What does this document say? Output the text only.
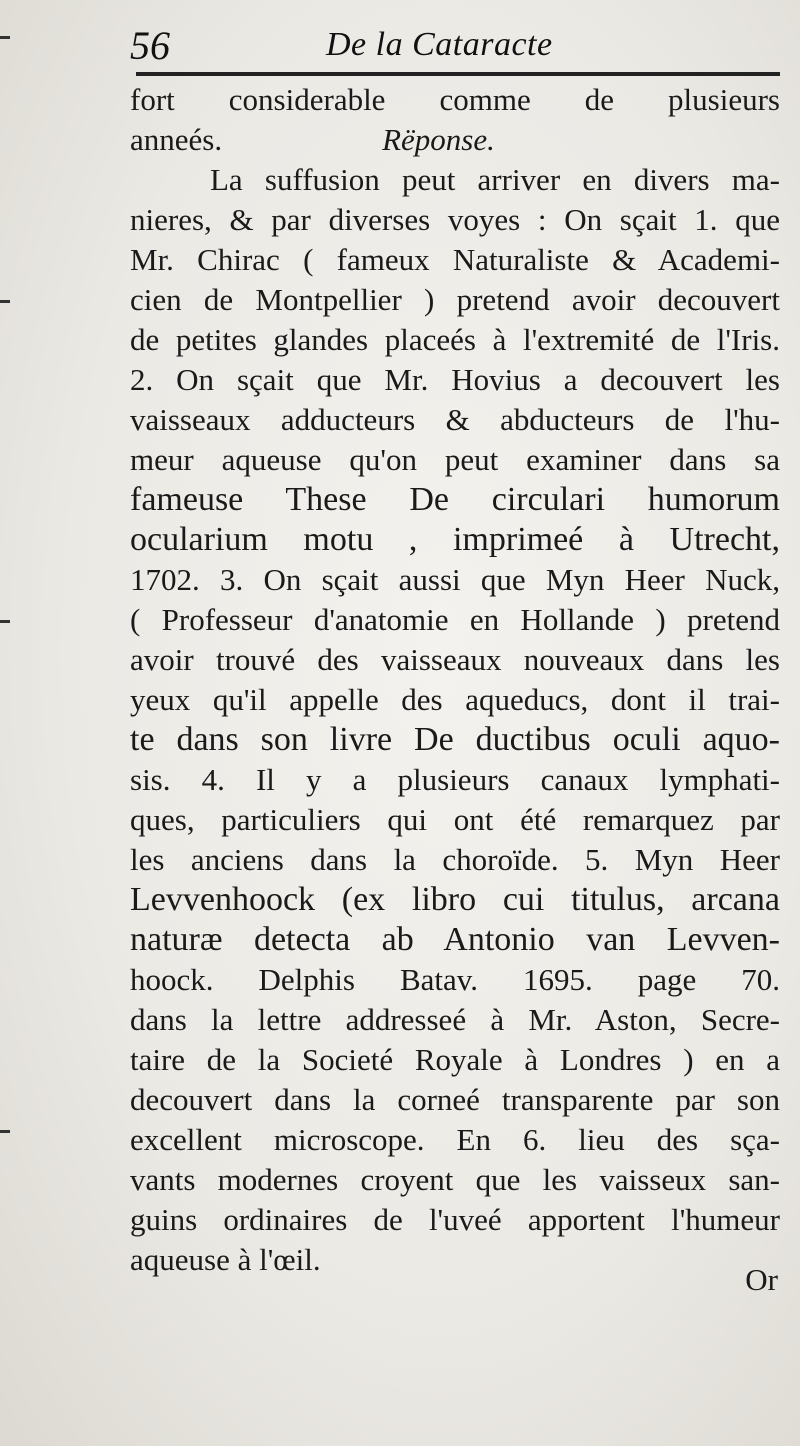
56	De la Cataracte
fort considerable comme de plusieurs
anneés.	Rëponse.
La suffusion peut arriver en divers ma-
nieres, & par diverses voyes : On sçait 1. que
Mr. Chirac ( fameux Naturaliste & Academi-
cien de Montpellier ) pretend avoir decouvert
de petites glandes placeés à l'extremité de l'Iris.
2. On sçait que Mr. Hovius a decouvert les
vaisseaux adducteurs & abducteurs de l'hu-
meur aqueuse qu'on peut examiner dans sa
fameuse These De circulari humorum
ocularium motu , imprimeé à Utrecht,
1702. 3. On sçait aussi que Myn Heer Nuck,
( Professeur d'anatomie en Hollande ) pretend
avoir trouvé des vaisseaux nouveaux dans les
yeux qu'il appelle des aqueducs, dont il trai-
te dans son livre De ductibus oculi aquo-
sis. 4. Il y a plusieurs canaux lymphati-
ques, particuliers qui ont été remarquez par
les anciens dans la choroïde. 5. Myn Heer
Levvenhoock (ex libro cui titulus, arcana
naturæ detecta ab Antonio van Levven-
hoock. Delphis Batav. 1695. page 70.
dans la lettre addresseé à Mr. Aston, Secre-
taire de la Societé Royale à Londres ) en a
decouvert dans la corneé transparente par son
excellent microscope. En 6. lieu des sça-
vants modernes croyent que les vaisseux san-
guins ordinaires de l'uveé apportent l'humeur
aqueuse à l'œil.
Or
